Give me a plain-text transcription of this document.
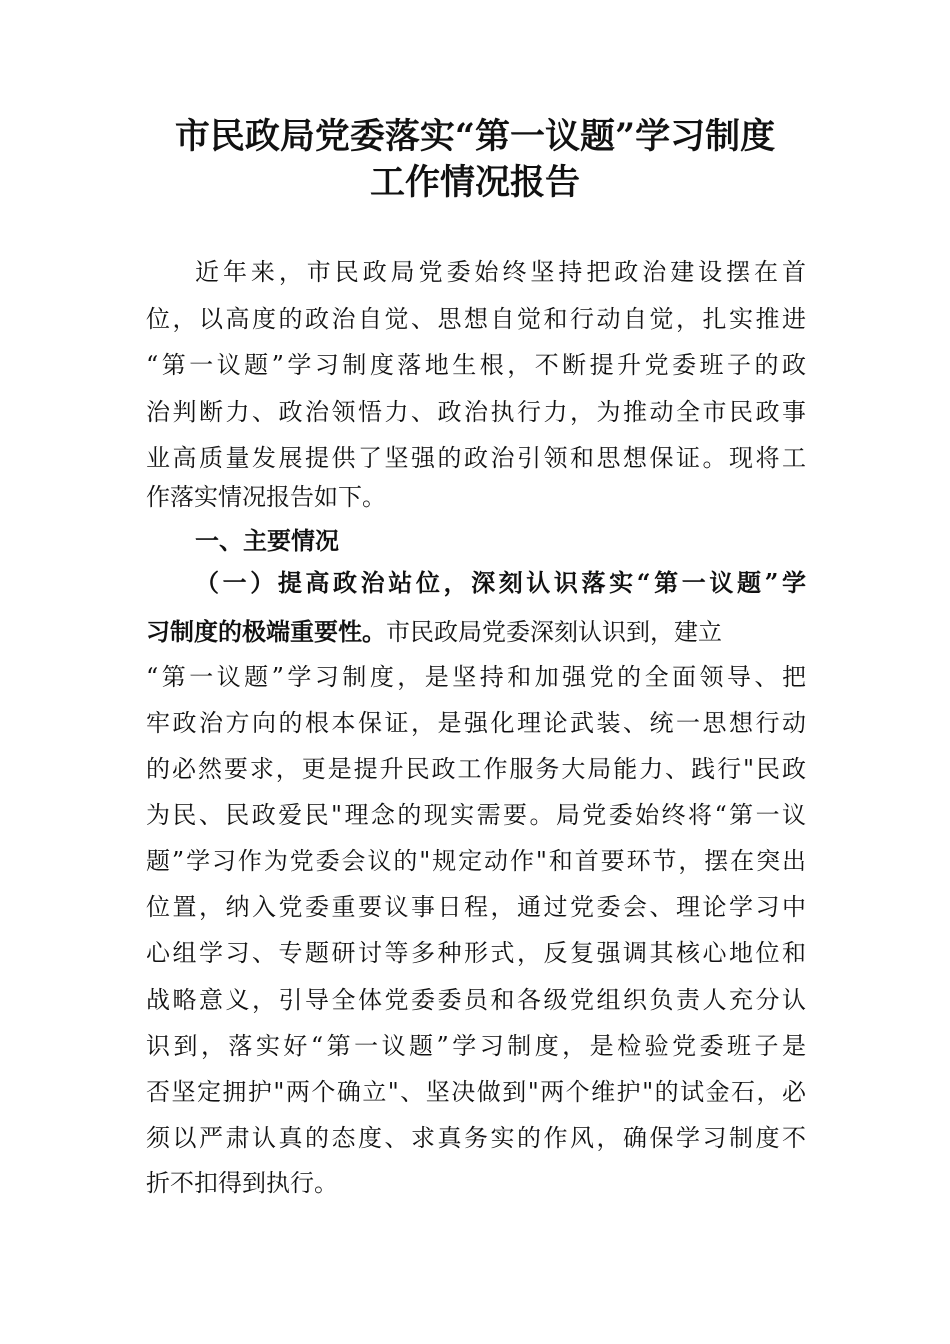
市民政局党委落实“第一议题”学习制度
工作情况报告
近年来，市民政局党委始终坚持把政治建设摆在首
位，以高度的政治自觉、思想自觉和行动自觉，扎实推进
“第一议题”学习制度落地生根，不断提升党委班子的政
治判断力、政治领悟力、政治执行力，为推动全市民政事
业高质量发展提供了坚强的政治引领和思想保证。现将工
作落实情况报告如下。
一、主要情况
（一）提高政治站位，深刻认识落实“第一议题”学
习制度的极端重要性。市民政局党委深刻认识到，建立
“第一议题”学习制度，是坚持和加强党的全面领导、把
牢政治方向的根本保证，是强化理论武装、统一思想行动
的必然要求，更是提升民政工作服务大局能力、践行"民政
为民、民政爱民"理念的现实需要。局党委始终将“第一议
题”学习作为党委会议的"规定动作"和首要环节，摆在突出
位置，纳入党委重要议事日程，通过党委会、理论学习中
心组学习、专题研讨等多种形式，反复强调其核心地位和
战略意义，引导全体党委委员和各级党组织负责人充分认
识到，落实好“第一议题”学习制度，是检验党委班子是
否坚定拥护"两个确立"、坚决做到"两个维护"的试金石，必
须以严肃认真的态度、求真务实的作风，确保学习制度不
折不扣得到执行。
